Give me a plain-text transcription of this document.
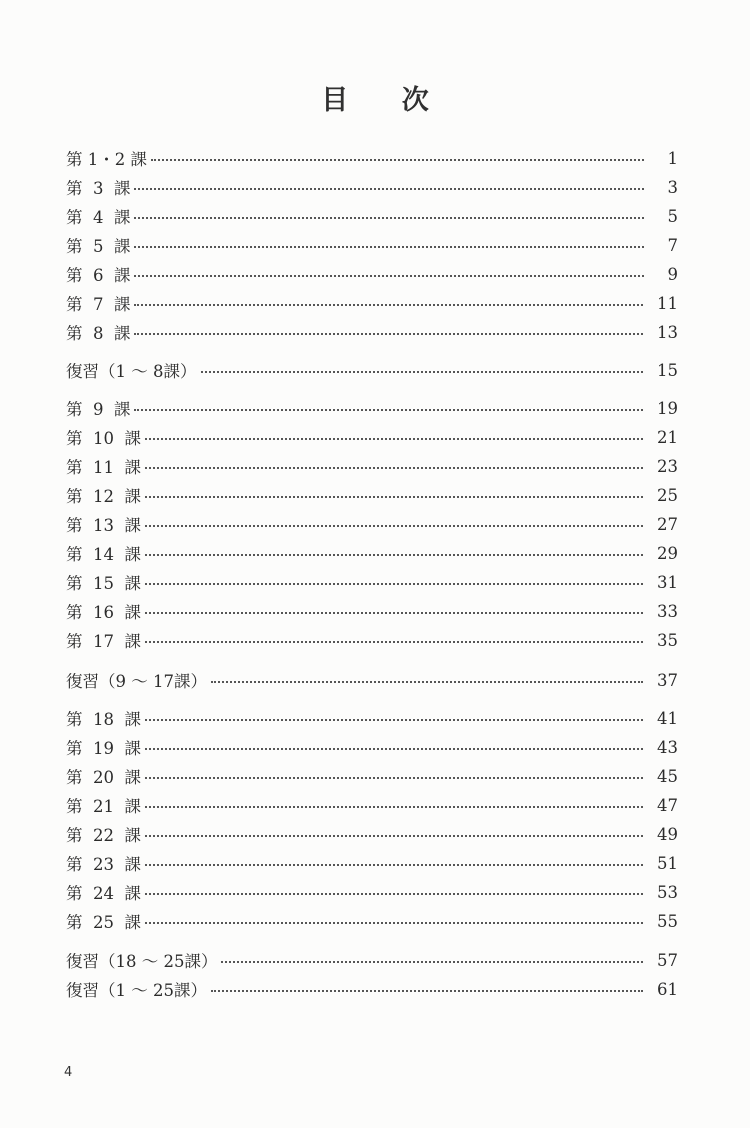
目 次
第 1・2 課	1
第  3  課	3
第  4  課	5
第  5  課	7
第  6  課	9
第  7  課	11
第  8  課	13
復習（1 ～ 8課）	15
第  9  課	19
第  10  課	21
第  11  課	23
第  12  課	25
第  13  課	27
第  14  課	29
第  15  課	31
第  16  課	33
第  17  課	35
復習（9 ～ 17課）	37
第  18  課	41
第  19  課	43
第  20  課	45
第  21  課	47
第  22  課	49
第  23  課	51
第  24  課	53
第  25  課	55
復習（18 ～ 25課）	57
復習（1 ～ 25課）	61
4
